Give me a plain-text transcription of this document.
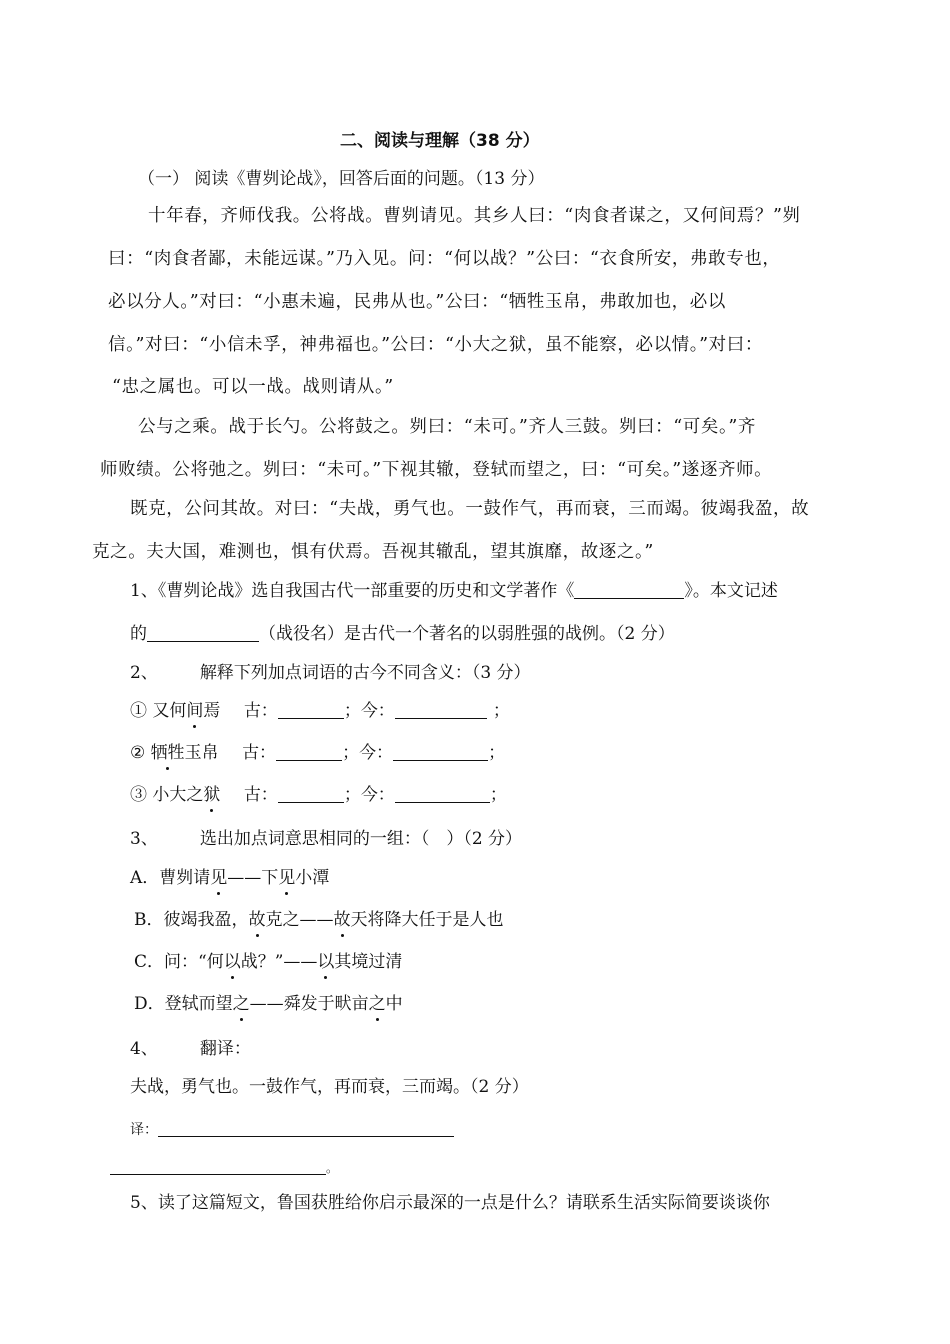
二、阅读与理解（38 分）
（一） 阅读《曹刿论战》，回答后面的问题。（13 分）
十年春，齐师伐我。公将战。曹刿请见。其乡人曰：“肉食者谋之，又何间焉？”刿
曰：“肉食者鄙，未能远谋。”乃入见。问：“何以战？”公曰：“衣食所安，弗敢专也，
必以分人。”对曰：“小惠未遍，民弗从也。”公曰：“牺牲玉帛，弗敢加也，必以
信。”对曰：“小信未孚，神弗福也。”公曰：“小大之狱，虽不能察，必以情。”对曰：
“忠之属也。可以一战。战则请从。”
公与之乘。战于长勺。公将鼓之。刿曰：“未可。”齐人三鼓。刿曰：“可矣。”齐
师败绩。公将弛之。刿曰：“未可。”下视其辙，登轼而望之，曰：“可矣。”遂逐齐师。
既克，公问其故。对曰：“夫战，勇气也。一鼓作气，再而衰，三而竭。彼竭我盈，故
克之。夫大国，难测也，惧有伏焉。吾视其辙乱，望其旗靡，故逐之。”
1、《曹刿论战》选自我国古代一部重要的历史和文学著作《	》。本文记述
的	（战役名）是古代一个著名的以弱胜强的战例。（2 分）
2、 解释下列加点词语的古今不同含义：（3 分）
① 又何间焉 古：	；今：	；
② 牺牲玉帛 古：	；今：	；
③ 小大之狱 古：	；今：	；
3、 选出加点词意思相同的一组：（　）（2 分）
A．曹刿请见——下见小潭
B．彼竭我盈，故克之——故天将降大任于是人也
C．问：“何以战？”——以其境过清
D．登轼而望之——舜发于畎亩之中
4、 翻译：
夫战，勇气也。一鼓作气，再而衰，三而竭。（2 分）
译：
。
5、读了这篇短文，鲁国获胜给你启示最深的一点是什么？请联系生活实际简要谈谈你
